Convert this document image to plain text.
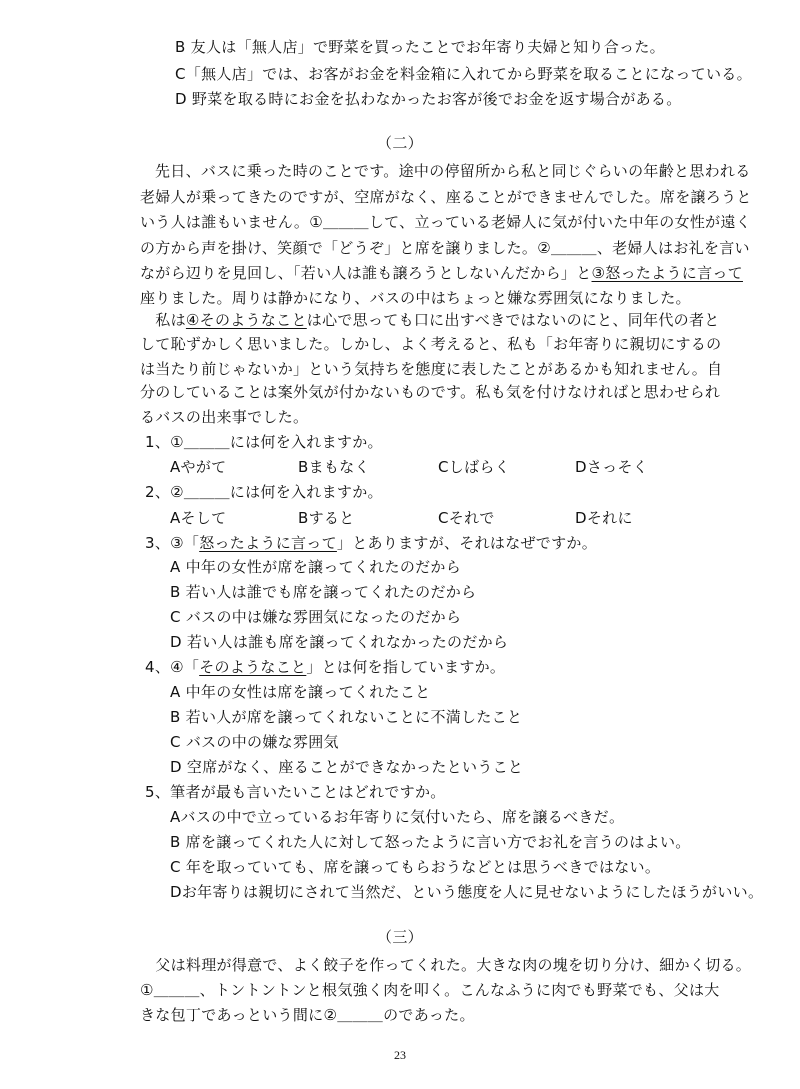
B 友人は「無人店」で野菜を買ったことでお年寄り夫婦と知り合った。
C「無人店」では、お客がお金を料金箱に入れてから野菜を取ることになっている。
D 野菜を取る時にお金を払わなかったお客が後でお金を返す場合がある。
（二）
先日、バスに乗った時のことです。途中の停留所から私と同じぐらいの年齢と思われる
老婦人が乗ってきたのですが、空席がなく、座ることができませんでした。席を譲ろうと
いう人は誰もいません。①＿＿＿して、立っている老婦人に気が付いた中年の女性が遠く
の方から声を掛け、笑顔で「どうぞ」と席を譲りました。②＿＿＿、老婦人はお礼を言い
ながら辺りを見回し、「若い人は誰も譲ろうとしないんだから」と③怒ったように言って
座りました。周りは静かになり、バスの中はちょっと嫌な雰囲気になりました。
　私は④そのようなことは心で思っても口に出すべきではないのにと、同年代の者と
して恥ずかしく思いました。しかし、よく考えると、私も「お年寄りに親切にするの
は当たり前じゃないか」という気持ちを態度に表したことがあるかも知れません。自
分のしていることは案外気が付かないものです。私も気を付けなければと思わせられ
るバスの出来事でした。
1、①＿＿＿には何を入れますか。
Aやがて	Bまもなく	Cしばらく	Dさっそく
2、②＿＿＿には何を入れますか。
Aそして	Bすると	Cそれで	Dそれに
3、③「怒ったように言って」とありますが、それはなぜですか。
A 中年の女性が席を譲ってくれたのだから
B 若い人は誰でも席を譲ってくれたのだから
C バスの中は嫌な雰囲気になったのだから
D 若い人は誰も席を譲ってくれなかったのだから
4、④「そのようなこと」とは何を指していますか。
A 中年の女性は席を譲ってくれたこと
B 若い人が席を譲ってくれないことに不満したこと
C バスの中の嫌な雰囲気
D 空席がなく、座ることができなかったということ
5、筆者が最も言いたいことはどれですか。
Aバスの中で立っているお年寄りに気付いたら、席を譲るべきだ。
B 席を譲ってくれた人に対して怒ったように言い方でお礼を言うのはよい。
C 年を取っていても、席を譲ってもらおうなどとは思うべきではない。
Dお年寄りは親切にされて当然だ、という態度を人に見せないようにしたほうがいい。
（三）
　父は料理が得意で、よく餃子を作ってくれた。大きな肉の塊を切り分け、細かく切る。
①＿＿＿、トントントンと根気強く肉を叩く。こんなふうに肉でも野菜でも、父は大
きな包丁であっという間に②＿＿＿のであった。
23
